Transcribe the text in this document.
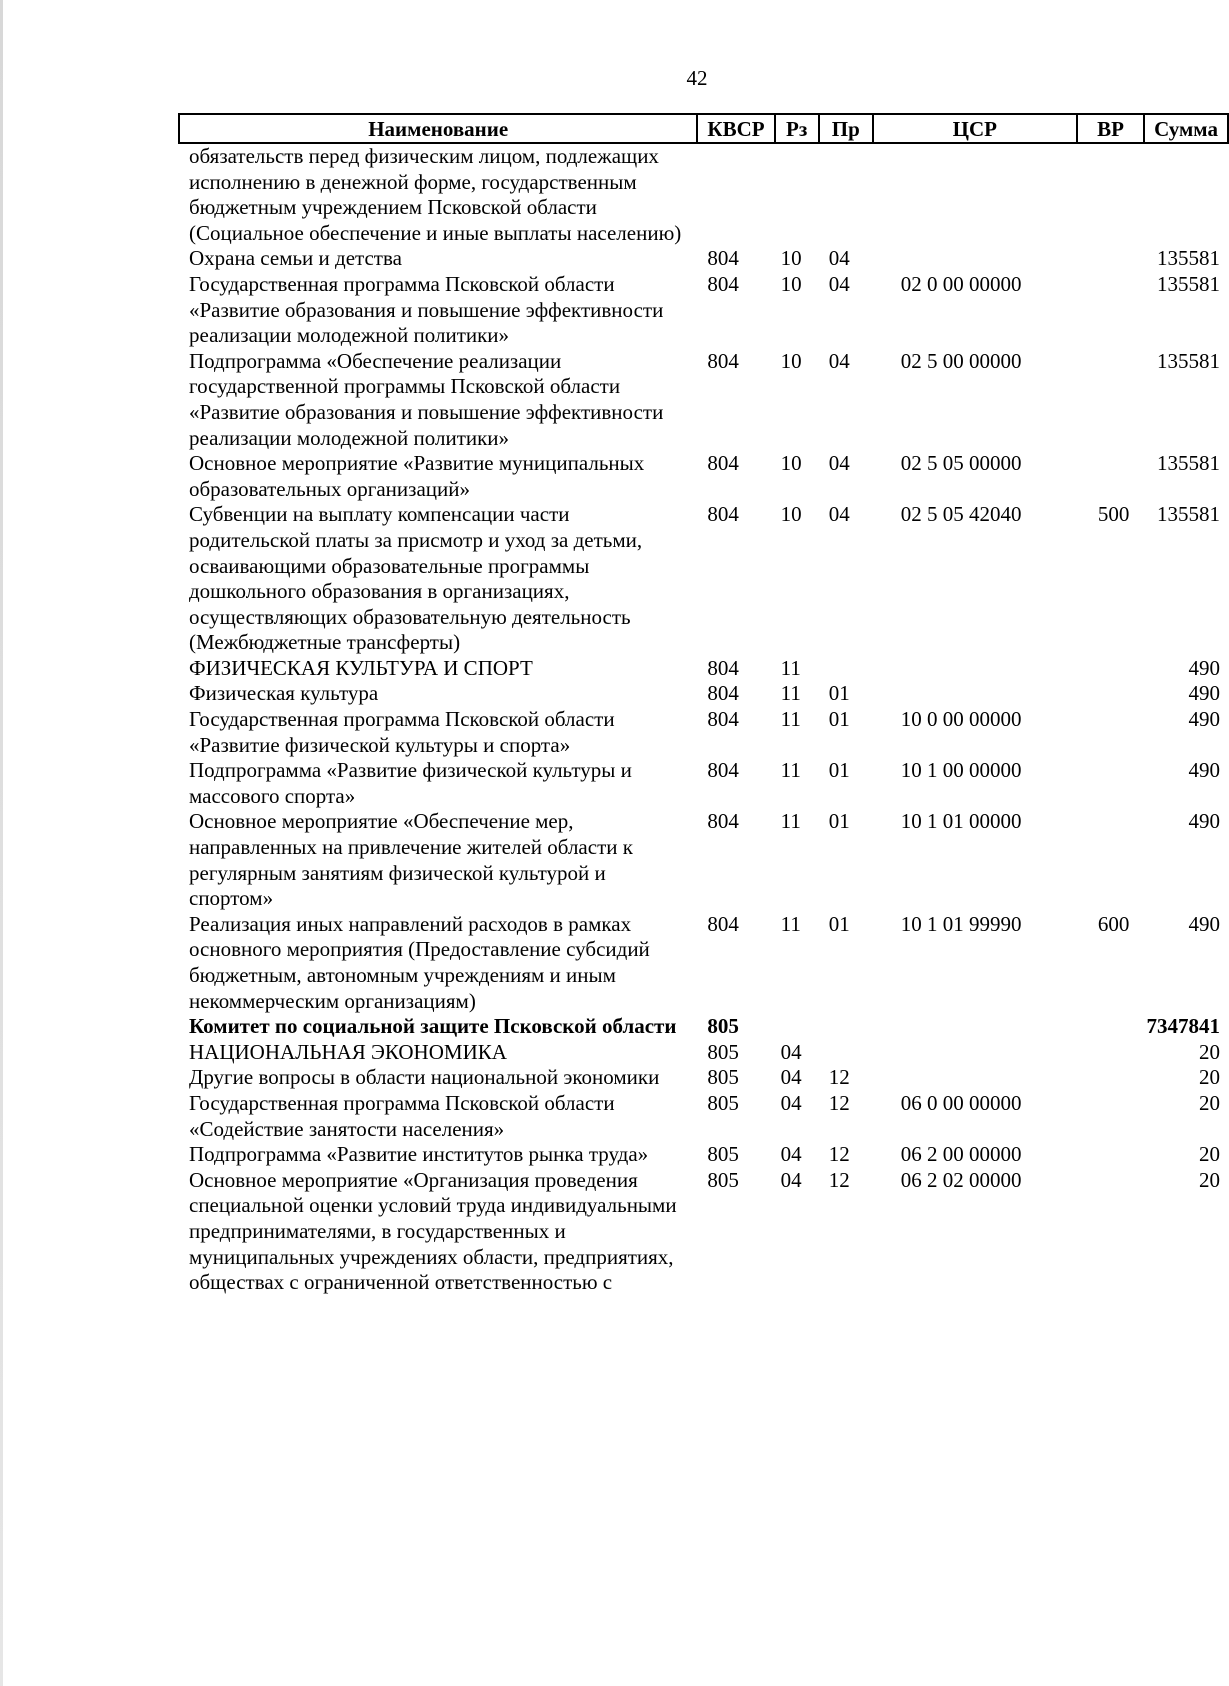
42
Наименование	КВСР	Рз	Пр	ЦСР	ВР	Сумма
обязательств перед физическим лицом, подлежащих исполнению в денежной форме, государственным бюджетным учреждением Псковской области (Социальное обеспечение и иные выплаты населению)						
Охрана семьи и детства	804	10	04			135581
Государственная программа Псковской области «Развитие образования и повышение эффективности реализации молодежной политики»	804	10	04	02 0 00 00000		135581
Подпрограмма «Обеспечение реализации государственной программы Псковской области «Развитие образования и повышение эффективности реализации молодежной политики»	804	10	04	02 5 00 00000		135581
Основное мероприятие «Развитие муниципальных образовательных организаций»	804	10	04	02 5 05 00000		135581
Субвенции на выплату компенсации части родительской платы за присмотр и уход за детьми, осваивающими образовательные программы дошкольного образования в организациях, осуществляющих образовательную деятельность (Межбюджетные трансферты)	804	10	04	02 5 05 42040	500	135581
ФИЗИЧЕСКАЯ КУЛЬТУРА И СПОРТ	804	11				490
Физическая культура	804	11	01			490
Государственная программа Псковской области «Развитие физической культуры и спорта»	804	11	01	10 0 00 00000		490
Подпрограмма «Развитие физической культуры и массового спорта»	804	11	01	10 1 00 00000		490
Основное мероприятие «Обеспечение мер, направленных на привлечение жителей области к регулярным занятиям физической культурой и спортом»	804	11	01	10 1 01 00000		490
Реализация иных направлений расходов в рамках основного мероприятия (Предоставление субсидий бюджетным, автономным учреждениям и иным некоммерческим организациям)	804	11	01	10 1 01 99990	600	490
Комитет по социальной защите Псковской области	805					7347841
НАЦИОНАЛЬНАЯ ЭКОНОМИКА	805	04				20
Другие вопросы в области национальной экономики	805	04	12			20
Государственная программа Псковской области «Содействие занятости населения»	805	04	12	06 0 00 00000		20
Подпрограмма «Развитие институтов рынка труда»	805	04	12	06 2 00 00000		20
Основное мероприятие «Организация проведения специальной оценки условий труда индивидуальными предпринимателями, в государственных и муниципальных учреждениях области, предприятиях, обществах с ограниченной ответственностью с	805	04	12	06 2 02 00000		20
